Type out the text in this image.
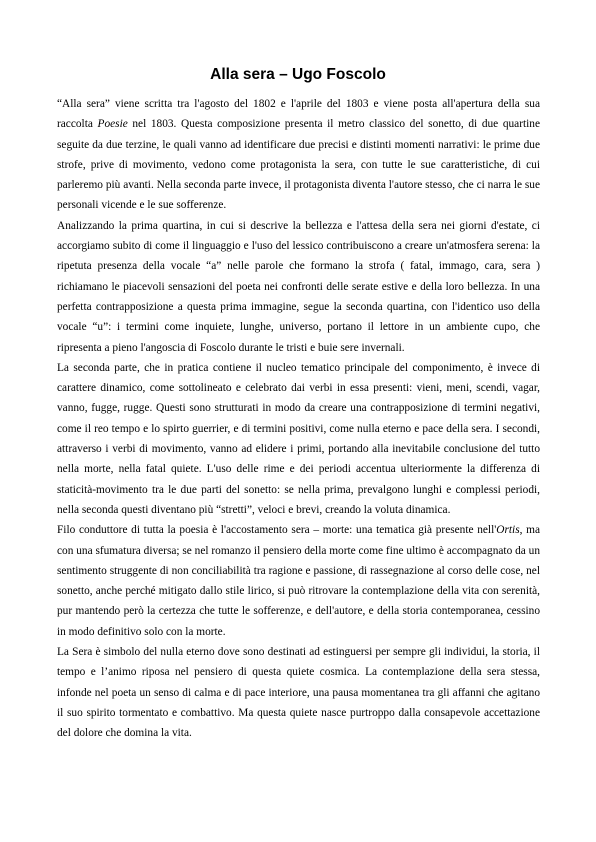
Alla sera – Ugo Foscolo

“Alla sera” viene scritta tra l'agosto del 1802 e l'aprile del 1803 e viene posta all'apertura della sua raccolta Poesie nel 1803. Questa composizione presenta il metro classico del sonetto, di due quartine seguite da due terzine, le quali vanno ad identificare due precisi e distinti momenti narrativi: le prime due strofe, prive di movimento, vedono come protagonista la sera, con tutte le sue caratteristiche, di cui parleremo più avanti. Nella seconda parte invece, il protagonista diventa l'autore stesso, che ci narra le sue personali vicende e le sue sofferenze.

Analizzando la prima quartina, in cui si descrive la bellezza e l'attesa della sera nei giorni d'estate, ci accorgiamo subito di come il linguaggio e l'uso del lessico contribuiscono a creare un'atmosfera serena: la ripetuta presenza della vocale “a” nelle parole che formano la strofa ( fatal, immago, cara, sera ) richiamano le piacevoli sensazioni del poeta nei confronti delle serate estive e della loro bellezza. In una perfetta contrapposizione a questa prima immagine, segue la seconda quartina, con l'identico uso della vocale “u”: i termini come inquiete, lunghe, universo, portano il lettore in un ambiente cupo, che ripresenta a pieno l'angoscia di Foscolo durante le tristi e buie sere invernali.

La seconda parte, che in pratica contiene il nucleo tematico principale del componimento, è invece di carattere dinamico, come sottolineato e celebrato dai verbi in essa presenti: vieni, meni, scendi, vagar, vanno, fugge, rugge. Questi sono strutturati in modo da creare una contrapposizione di termini negativi, come il reo tempo e lo spirto guerrier, e di termini positivi, come nulla eterno e pace della sera. I secondi, attraverso i verbi di movimento, vanno ad elidere i primi, portando alla inevitabile conclusione del tutto nella morte, nella fatal quiete. L'uso delle rime e dei periodi accentua ulteriormente la differenza di staticità-movimento tra le due parti del sonetto: se nella prima, prevalgono lunghi e complessi periodi, nella seconda questi diventano più “stretti”, veloci e brevi, creando la voluta dinamica.

Filo conduttore di tutta la poesia è l'accostamento sera – morte: una tematica già presente nell'Ortis, ma con una sfumatura diversa; se nel romanzo il pensiero della morte come fine ultimo è accompagnato da un sentimento struggente di non conciliabilità tra ragione e passione, di rassegnazione al corso delle cose, nel sonetto, anche perché mitigato dallo stile lirico, si può ritrovare la contemplazione della vita con serenità, pur mantendo però la certezza che tutte le sofferenze, e dell'autore, e della storia contemporanea, cessino in modo definitivo solo con la morte.

La Sera è simbolo del nulla eterno dove sono destinati ad estinguersi per sempre gli individui, la storia, il tempo e l’animo riposa nel pensiero di questa quiete cosmica. La contemplazione della sera stessa, infonde nel poeta un senso di calma e di pace interiore, una pausa momentanea tra gli affanni che agitano il suo spirito tormentato e combattivo. Ma questa quiete nasce purtroppo dalla consapevole accettazione del dolore che domina la vita.
